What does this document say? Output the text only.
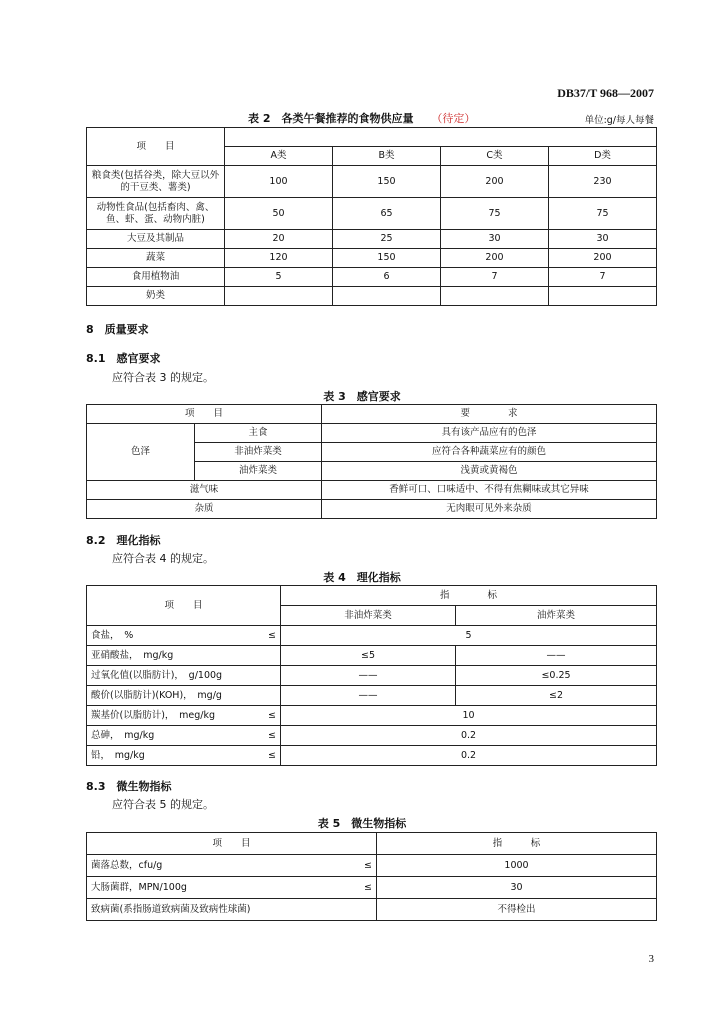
DB37/T 968—2007
表 2　各类午餐推荐的食物供应量 （待定）	单位:g/每人每餐
项　　目				
	A类	B类	C类	D类
粮食类(包括谷类，除大豆以外的干豆类、薯类)	100	150	200	230
动物性食品(包括畜肉、禽、鱼、虾、蛋、动物内脏)	50	65	75	75
大豆及其制品	20	25	30	30
蔬菜	120	150	200	200
食用植物油	5	6	7	7
奶类				
8　质量要求
8.1　感官要求
应符合表 3 的规定。
表 3　感官要求
项　　目		要　　　　求
色泽	主食	具有该产品应有的色泽
	非油炸菜类	应符合各种蔬菜应有的颜色
	油炸菜类	浅黄或黄褐色
滋气味		香鲜可口、口味适中、不得有焦糊味或其它异味
杂质		无肉眼可见外来杂质
8.2　理化指标
应符合表 4 的规定。
表 4　理化指标
项　　目	指　　　　标	
	非油炸菜类	油炸菜类

食盐，　% ≤	5	

亚硝酸盐，　mg/kg	≤5	——

过氧化值(以脂肪计)，　g/100g	——	≤0.25

酸价(以脂肪计)(KOH)，　mg/g	——	≤2

羰基价(以脂肪计)，　meg/kg ≤	10	

总砷，　mg/kg ≤	0.2	

铅，　mg/kg ≤	0.2	
8.3　微生物指标
应符合表 5 的规定。
表 5　微生物指标
项　　目	指　　　标

菌落总数，cfu/g ≤	1000

大肠菌群，MPN/100g ≤	30

致病菌(系指肠道致病菌及致病性球菌)	不得检出
3
